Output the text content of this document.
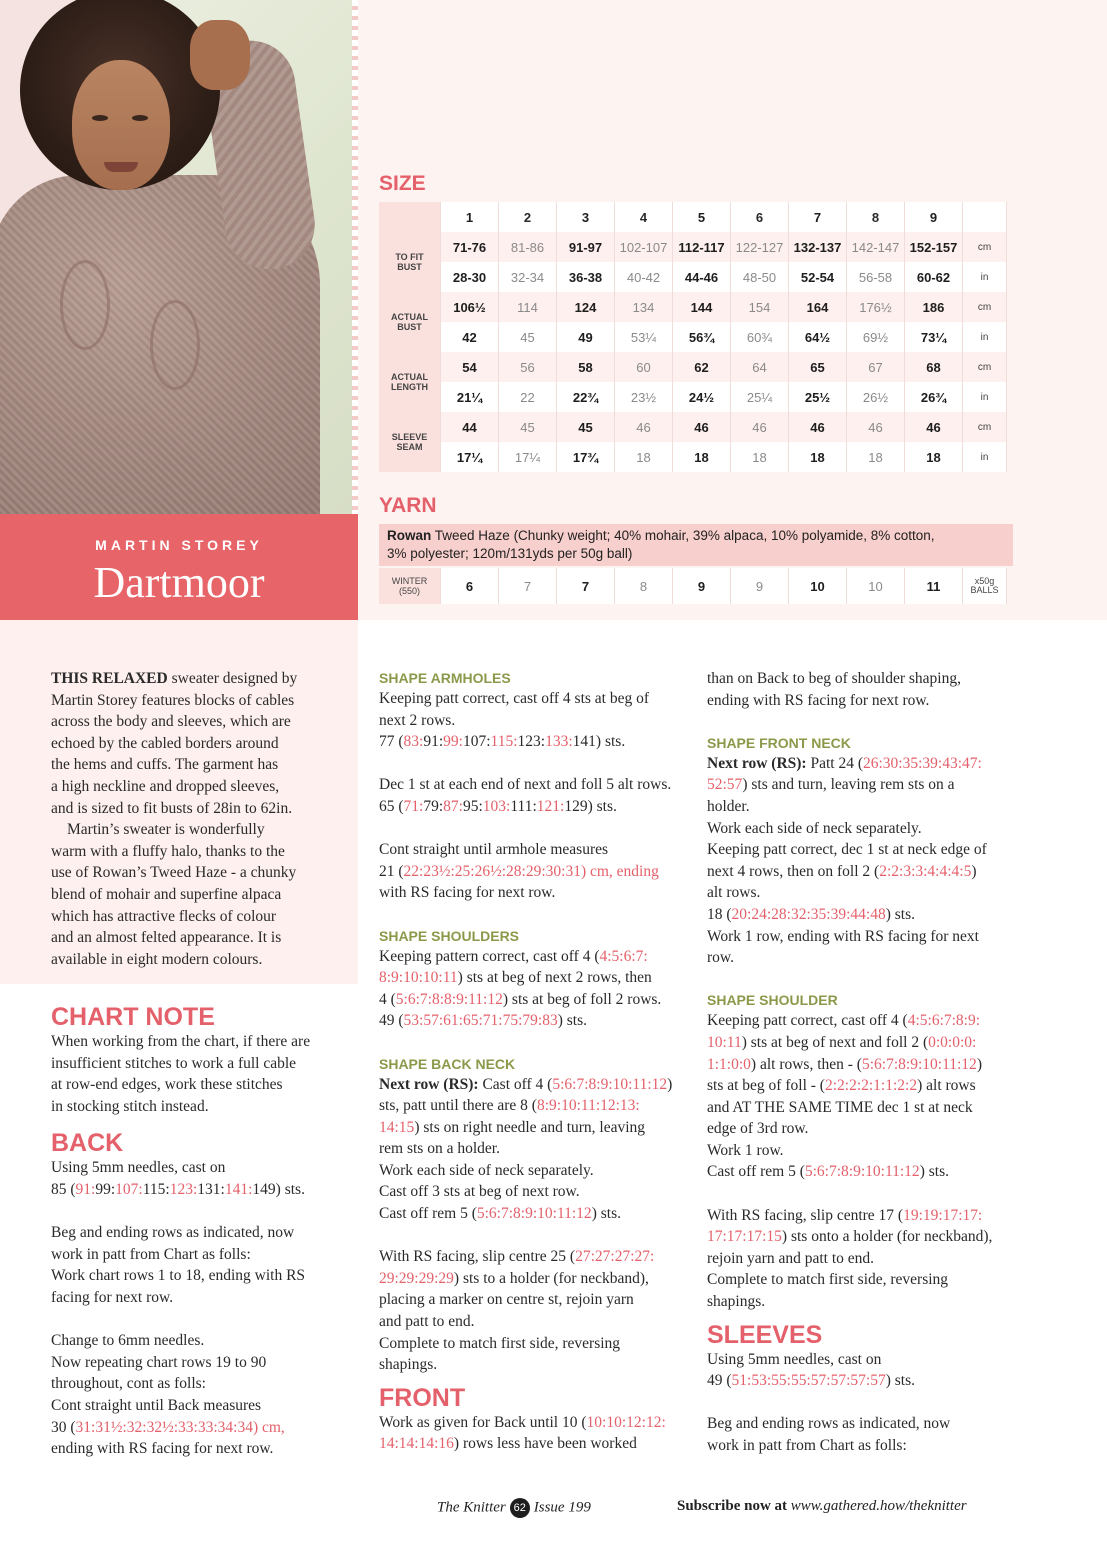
MARTIN STOREY
Dartmoor
SIZE
	1	2	3	4	5	6	7	8	9	

TO FIT
BUST	71-76	81-86	91-97	102-107	112-117	122-127	132-137	142-147	152-157	cm
	28-30	32-34	36-38	40-42	44-46	48-50	52-54	56-58	60-62	in

ACTUAL
BUST	106½	114	124	134	144	154	164	176½	186	cm
	42	45	49	53¼	56¾	60¾	64½	69½	73¼	in

ACTUAL
LENGTH	54	56	58	60	62	64	65	67	68	cm
	21¼	22	22¾	23½	24½	25¼	25½	26½	26¾	in

SLEEVE
SEAM	44	45	45	46	46	46	46	46	46	cm
	17¼	17¼	17¾	18	18	18	18	18	18	in
YARN
Rowan Tweed Haze (Chunky weight; 40% mohair, 39% alpaca, 10% polyamide, 8% cotton,
3% polyester; 120m/131yds per 50g ball)
WINTER
(550)	6	7	7	8	9	9	10	10	11	x50g
BALLS

THIS RELAXED sweater designed by

Martin Storey features blocks of cables

across the body and sleeves, which are

echoed by the cabled borders around

the hems and cuffs. The garment has

a high neckline and dropped sleeves,

and is sized to fit busts of 28in to 62in.

Martin’s sweater is wonderfully

warm with a fluffy halo, thanks to the

use of Rowan’s Tweed Haze - a chunky

blend of mohair and superfine alpaca

which has attractive flecks of colour

and an almost felted appearance. It is

available in eight modern colours.

CHART NOTE

When working from the chart, if there are

insufficient stitches to work a full cable

at row-end edges, work these stitches

in stocking stitch instead.

BACK

Using 5mm needles, cast on

85 (91:99:107:115:123:131:141:149) sts.

Beg and ending rows as indicated, now

work in patt from Chart as folls:

Work chart rows 1 to 18, ending with RS

facing for next row.

Change to 6mm needles.

Now repeating chart rows 19 to 90

throughout, cont as folls:

Cont straight until Back measures

30 (31:31½:32:32½:33:33:34:34) cm,

ending with RS facing for next row.

SHAPE ARMHOLES

Keeping patt correct, cast off 4 sts at beg of

next 2 rows.

77 (83:91:99:107:115:123:133:141) sts.

Dec 1 st at each end of next and foll 5 alt rows.

65 (71:79:87:95:103:111:121:129) sts.

Cont straight until armhole measures

21 (22:23½:25:26½:28:29:30:31) cm, ending

with RS facing for next row.

SHAPE SHOULDERS

Keeping pattern correct, cast off 4 (4:5:6:7:

8:9:10:10:11) sts at beg of next 2 rows, then

4 (5:6:7:8:8:9:11:12) sts at beg of foll 2 rows.

49 (53:57:61:65:71:75:79:83) sts.

SHAPE BACK NECK

Next row (RS): Cast off 4 (5:6:7:8:9:10:11:12)

sts, patt until there are 8 (8:9:10:11:12:13:

14:15) sts on right needle and turn, leaving

rem sts on a holder.

Work each side of neck separately.

Cast off 3 sts at beg of next row.

Cast off rem 5 (5:6:7:8:9:10:11:12) sts.

With RS facing, slip centre 25 (27:27:27:27:

29:29:29:29) sts to a holder (for neckband),

placing a marker on centre st, rejoin yarn

and patt to end.

Complete to match first side, reversing

shapings.

FRONT

Work as given for Back until 10 (10:10:12:12:

14:14:14:16) rows less have been worked

than on Back to beg of shoulder shaping,

ending with RS facing for next row.

SHAPE FRONT NECK

Next row (RS): Patt 24 (26:30:35:39:43:47:

52:57) sts and turn, leaving rem sts on a

holder.

Work each side of neck separately.

Keeping patt correct, dec 1 st at neck edge of

next 4 rows, then on foll 2 (2:2:3:3:4:4:4:5)

alt rows.

18 (20:24:28:32:35:39:44:48) sts.

Work 1 row, ending with RS facing for next

row.

SHAPE SHOULDER

Keeping patt correct, cast off 4 (4:5:6:7:8:9:

10:11) sts at beg of next and foll 2 (0:0:0:0:

1:1:0:0) alt rows, then - (5:6:7:8:9:10:11:12)

sts at beg of foll - (2:2:2:2:1:1:2:2) alt rows

and AT THE SAME TIME dec 1 st at neck

edge of 3rd row.

Work 1 row.

Cast off rem 5 (5:6:7:8:9:10:11:12) sts.

With RS facing, slip centre 17 (19:19:17:17:

17:17:17:15) sts onto a holder (for neckband),

rejoin yarn and patt to end.

Complete to match first side, reversing

shapings.

SLEEVES

Using 5mm needles, cast on

49 (51:53:55:55:57:57:57:57) sts.

Beg and ending rows as indicated, now

work in patt from Chart as folls:

The Knitter 62 Issue 199	Subscribe now at www.gathered.how/theknitter
